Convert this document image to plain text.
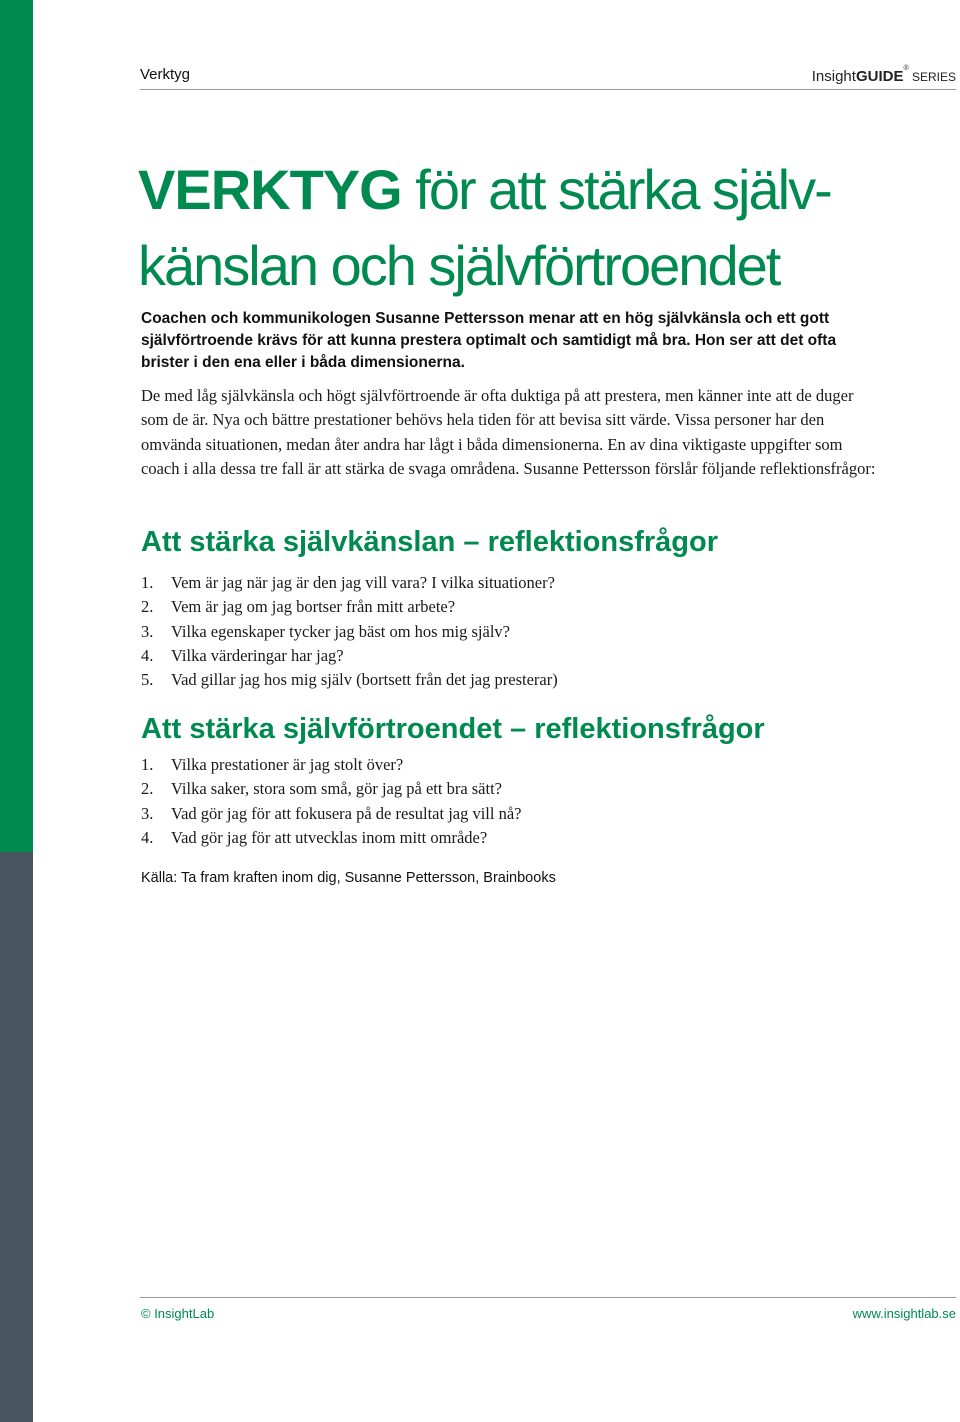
Verktyg	InsightGUIDE® SERIES
VERKTYG för att stärka själv-
känslan och självförtroendet

Coachen och kommunikologen Susanne Pettersson menar att en hög självkänsla och ett gott självförtroende krävs för att kunna prestera optimalt och samtidigt må bra. Hon ser att det ofta brister i den ena eller i båda dimensionerna.

De med låg självkänsla och högt självförtroende är ofta duktiga på att prestera, men känner inte att de duger som de är. Nya och bättre prestationer behövs hela tiden för att bevisa sitt värde. Vissa personer har den omvända situationen, medan åter andra har lågt i båda dimensionerna. En av dina viktigaste uppgifter som coach i alla dessa tre fall är att stärka de svaga områdena. Susanne Pettersson förslår följande reflektionsfrågor:

Att stärka självkänslan – reflektionsfrågor
1. Vem är jag när jag är den jag vill vara? I vilka situationer?
2. Vem är jag om jag bortser från mitt arbete?
3. Vilka egenskaper tycker jag bäst om hos mig själv?
4. Vilka värderingar har jag?
5. Vad gillar jag hos mig själv (bortsett från det jag presterar)
Att stärka självförtroendet – reflektionsfrågor
1. Vilka prestationer är jag stolt över?
2. Vilka saker, stora som små, gör jag på ett bra sätt?
3. Vad gör jag för att fokusera på de resultat jag vill nå?
4. Vad gör jag för att utvecklas inom mitt område?
Källa: Ta fram kraften inom dig, Susanne Pettersson, Brainbooks
© InsightLab	www.insightlab.se
